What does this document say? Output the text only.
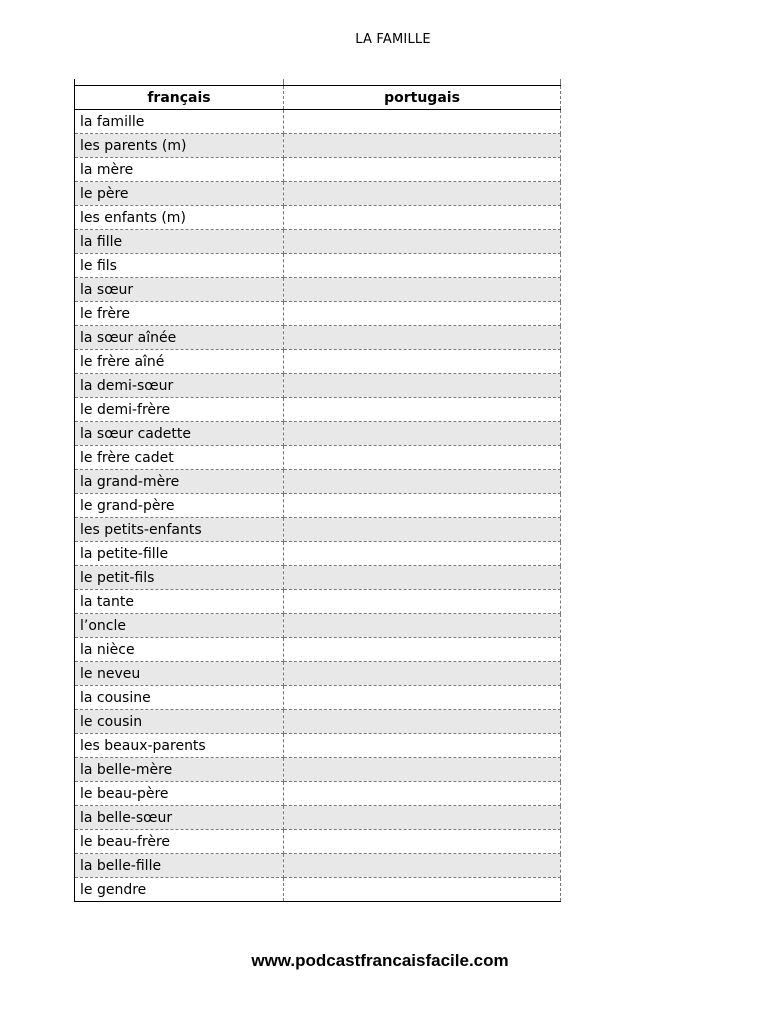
LA FAMILLE
français	portugais
la famille	
les parents (m)	
la mère	
le père	
les enfants (m)	
la fille	
le fils	
la sœur	
le frère	
la sœur aînée	
le frère aîné	
la demi-sœur	
le demi-frère	
la sœur cadette	
le frère cadet	
la grand-mère	
le grand-père	
les petits-enfants	
la petite-fille	
le petit-fils	
la tante	
l’oncle	
la nièce	
le neveu	
la cousine	
le cousin	
les beaux-parents	
la belle-mère	
le beau-père	
la belle-sœur	
le beau-frère	
la belle-fille	
le gendre	
www.podcastfrancaisfacile.com
